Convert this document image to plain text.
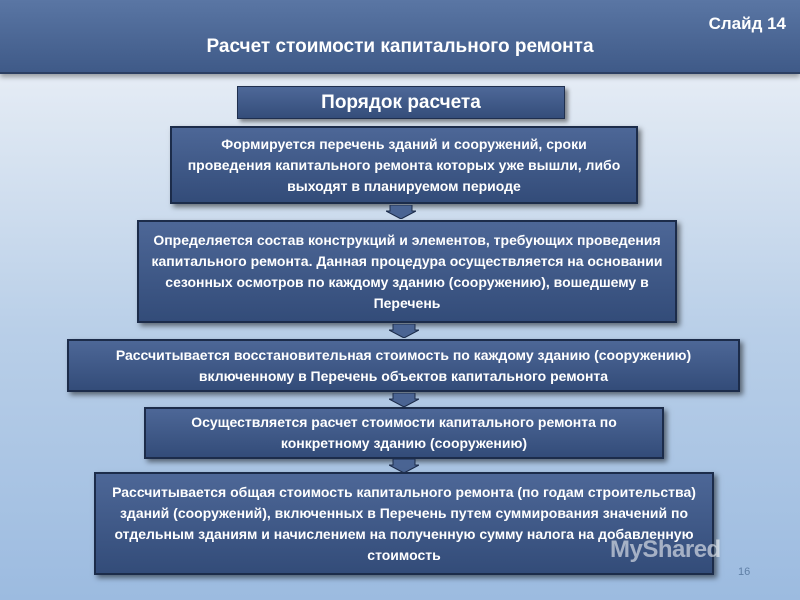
Слайд 14
Расчет стоимости капитального ремонта
Порядок расчета
Формируется перечень зданий и сооружений, сроки проведения капитального ремонта которых уже вышли, либо выходят в планируемом периоде
Определяется состав конструкций и элементов, требующих проведения капитального ремонта. Данная процедура осуществляется на основании сезонных осмотров по каждому зданию (сооружению), вошедшему в Перечень
Рассчитывается восстановительная стоимость по каждому зданию (сооружению) включенному в Перечень объектов капитального ремонта
Осуществляется расчет стоимости капитального ремонта по конкретному зданию (сооружению)
Рассчитывается общая стоимость капитального ремонта (по годам строительства) зданий (сооружений), включенных в Перечень путем суммирования значений по отдельным зданиям и начислением на полученную сумму налога на добавленную стоимость	MyShared
16
